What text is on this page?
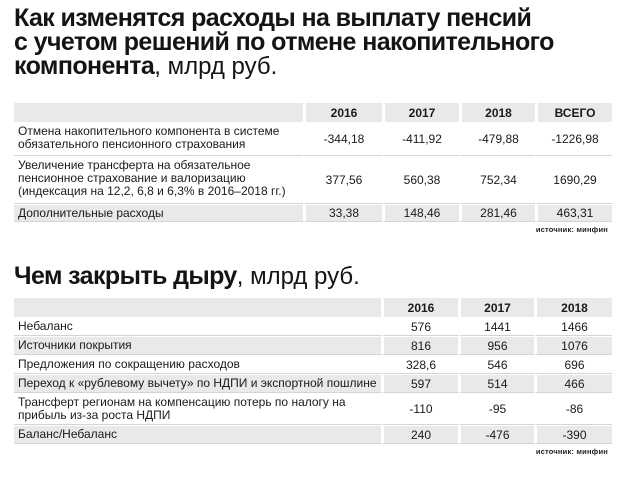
Как изменятся расходы на выплату пенсий
с учетом решений по отмене накопительного
компонента, млрд руб.
	2016	2017	2018	ВСЕГО
Отмена накопительного компонента в системе обязательного пенсионного страхования	-344,18	-411,92	-479,88	-1226,98
Увеличение трансферта на обязательное пенсионное страхование и валоризацию (индексация на 12,2, 6,8 и 6,3% в 2016–2018 гг.)	377,56	560,38	752,34	1690,29
Дополнительные расходы	33,38	148,46	281,46	463,31
источник: минфин
Чем закрыть дыру, млрд руб.
	2016	2017	2018
Небаланс	576	1441	1466
Источники покрытия	816	956	1076
Предложения по сокращению расходов	328,6	546	696
Переход к «рублевому вычету» по НДПИ и экспортной пошлине	597	514	466
Трансферт регионам на компенсацию потерь по налогу на прибыль из-за роста НДПИ	-110	-95	-86
Баланс/Небаланс	240	-476	-390
источник: минфин
